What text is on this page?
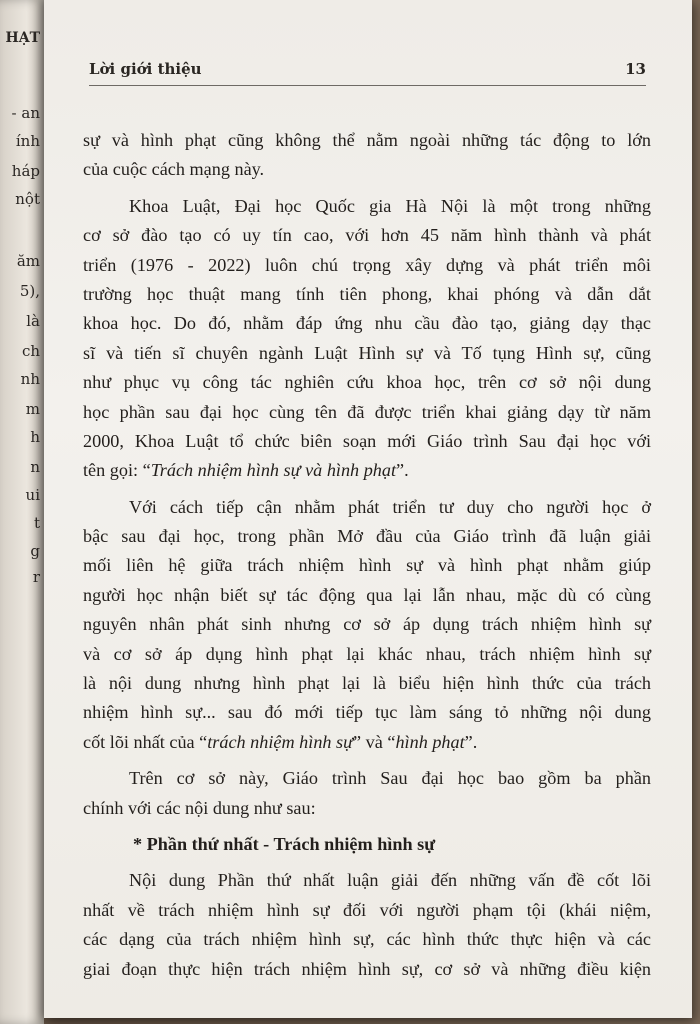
HẠT
- an
ính
háp
nột
ăm
5),
là
ch
nh
m
h
n
ui
t
g
r
Lời giới thiệu	13
sự và hình phạt cũng không thể nằm ngoài những tác động to lớn
của cuộc cách mạng này.
Khoa Luật, Đại học Quốc gia Hà Nội là một trong những
cơ sở đào tạo có uy tín cao, với hơn 45 năm hình thành và phát
triển (1976 - 2022) luôn chú trọng xây dựng và phát triển môi
trường học thuật mang tính tiên phong, khai phóng và dẫn dắt
khoa học. Do đó, nhằm đáp ứng nhu cầu đào tạo, giảng dạy thạc
sĩ và tiến sĩ chuyên ngành Luật Hình sự và Tố tụng Hình sự, cũng
như phục vụ công tác nghiên cứu khoa học, trên cơ sở nội dung
học phần sau đại học cùng tên đã được triển khai giảng dạy từ năm
2000, Khoa Luật tổ chức biên soạn mới Giáo trình Sau đại học với
tên gọi: “Trách nhiệm hình sự và hình phạt”.
Với cách tiếp cận nhằm phát triển tư duy cho người học ở
bậc sau đại học, trong phần Mở đầu của Giáo trình đã luận giải
mối liên hệ giữa trách nhiệm hình sự và hình phạt nhằm giúp
người học nhận biết sự tác động qua lại lẫn nhau, mặc dù có cùng
nguyên nhân phát sinh nhưng cơ sở áp dụng trách nhiệm hình sự
và cơ sở áp dụng hình phạt lại khác nhau, trách nhiệm hình sự
là nội dung nhưng hình phạt lại là biểu hiện hình thức của trách
nhiệm hình sự... sau đó mới tiếp tục làm sáng tỏ những nội dung
cốt lõi nhất của “trách nhiệm hình sự” và “hình phạt”.
Trên cơ sở này, Giáo trình Sau đại học bao gồm ba phần
chính với các nội dung như sau:
* Phần thứ nhất - Trách nhiệm hình sự
Nội dung Phần thứ nhất luận giải đến những vấn đề cốt lõi
nhất về trách nhiệm hình sự đối với người phạm tội (khái niệm,
các dạng của trách nhiệm hình sự, các hình thức thực hiện và các
giai đoạn thực hiện trách nhiệm hình sự, cơ sở và những điều kiện
